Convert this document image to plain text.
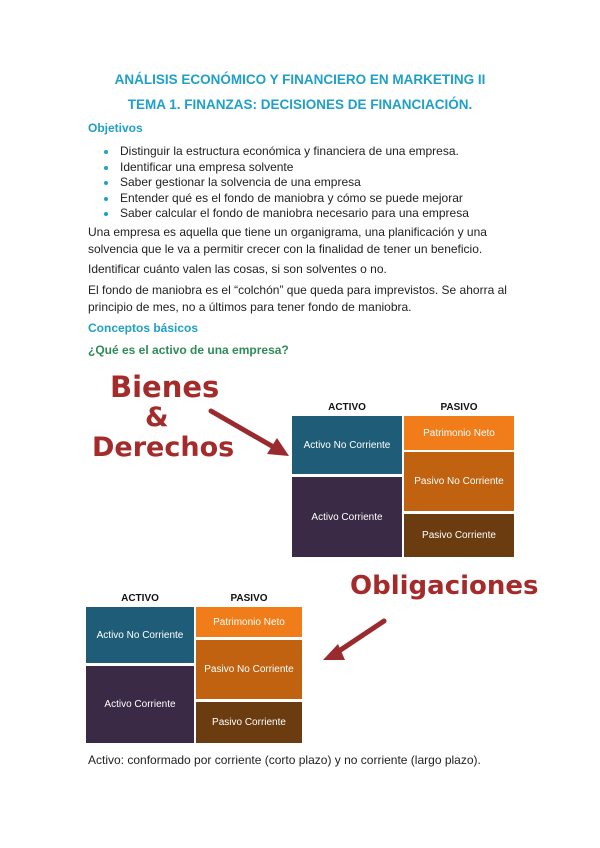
ANÁLISIS ECONÓMICO Y FINANCIERO EN MARKETING II
TEMA 1. FINANZAS: DECISIONES DE FINANCIACIÓN.
Objetivos
Distinguir la estructura económica y financiera de una empresa.
Identificar una empresa solvente
Saber gestionar la solvencia de una empresa
Entender qué es el fondo de maniobra y cómo se puede mejorar
Saber calcular el fondo de maniobra necesario para una empresa
Una empresa es aquella que tiene un organigrama, una planificación y una solvencia que le va a permitir crecer con la finalidad de tener un beneficio.
Identificar cuánto valen las cosas, si son solventes o no.
El fondo de maniobra es el “colchón” que queda para imprevistos. Se ahorra al principio de mes, no a últimos para tener fondo de maniobra.
Conceptos básicos
¿Qué es el activo de una empresa?
Bienes
&
Derechos
ACTIVO	PASIVO
Activo No Corriente
Activo Corriente
Patrimonio Neto
Pasivo No Corriente
Pasivo Corriente
ACTIVO	PASIVO
Activo No Corriente
Activo Corriente
Patrimonio Neto
Pasivo No Corriente
Pasivo Corriente
Obligaciones
Activo: conformado por corriente (corto plazo) y no corriente (largo plazo).
